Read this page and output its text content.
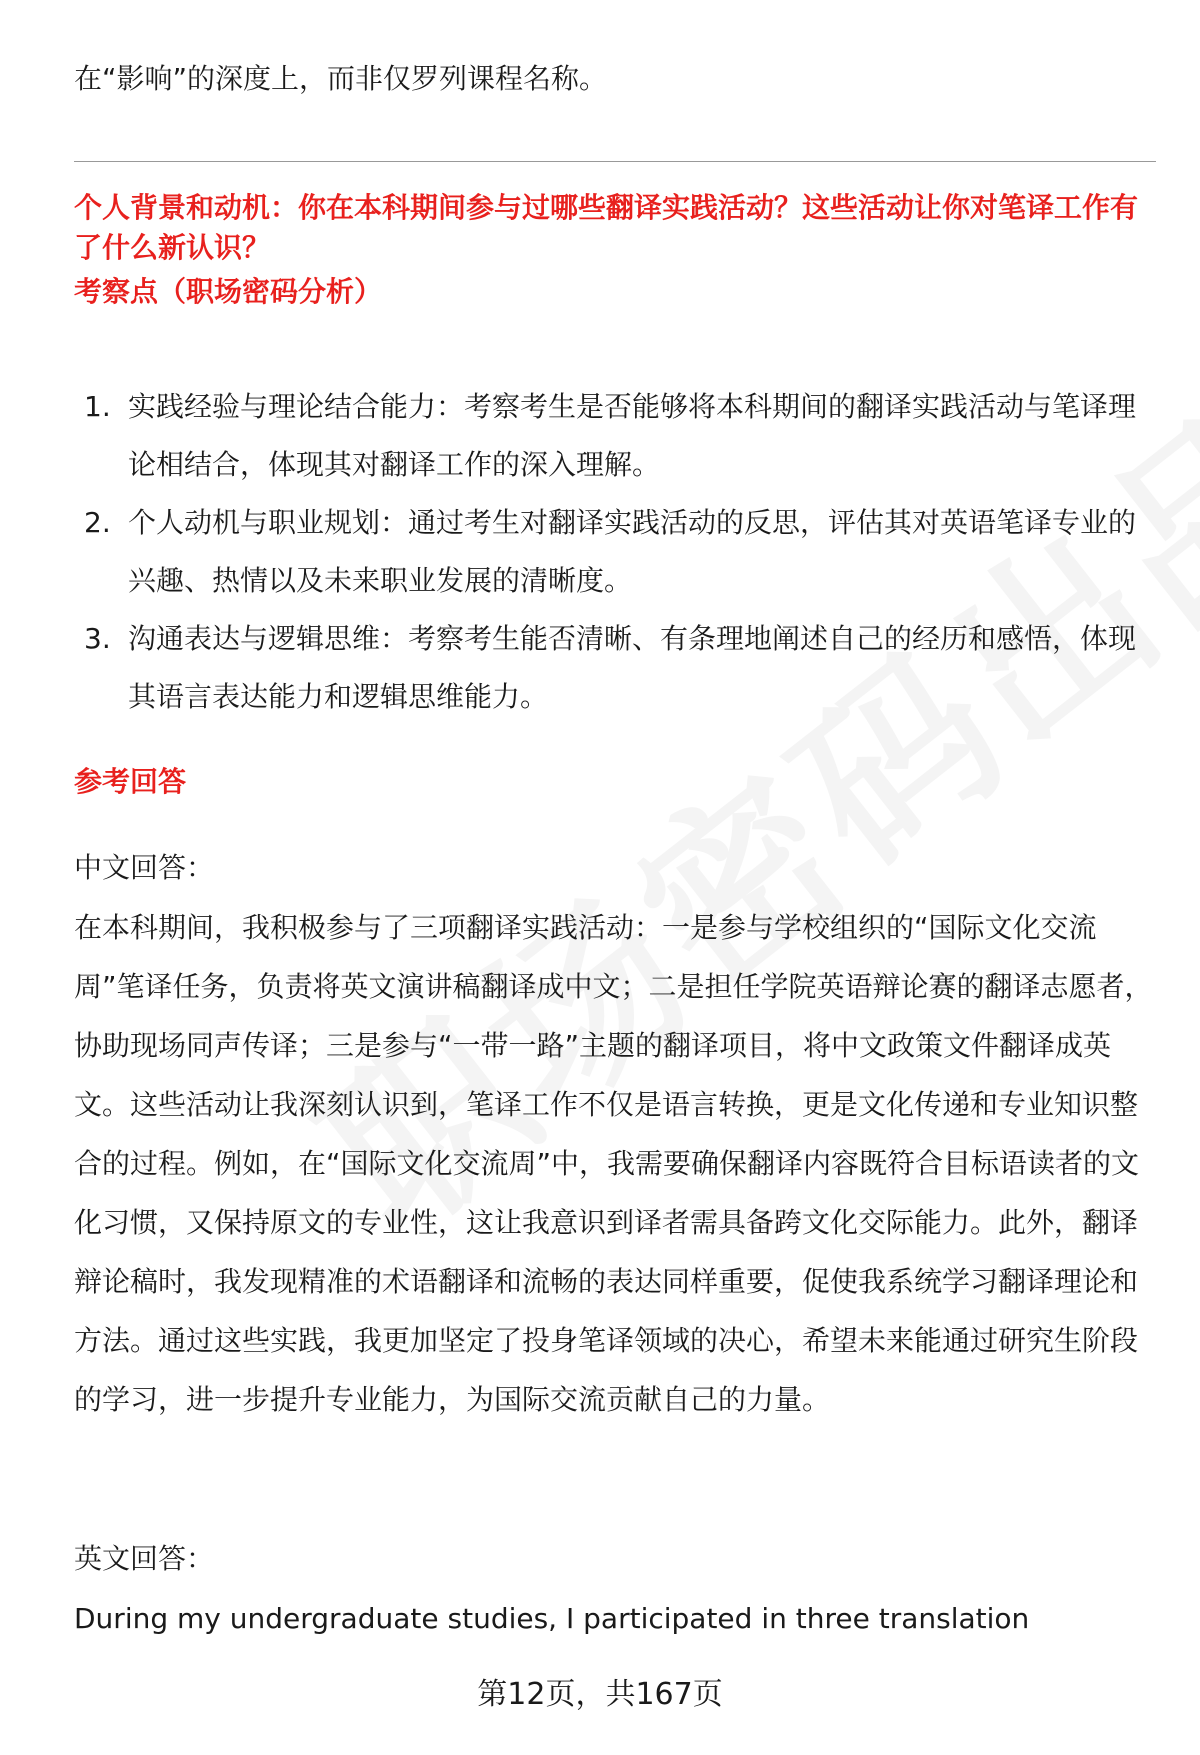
在“影响”的深度上，而非仅罗列课程名称。

个人背景和动机：你在本科期间参与过哪些翻译实践活动？这些活动让你对笔译工作有了什么新认识？

考察点（职场密码分析）

1. 实践经验与理论结合能力：考察考生是否能够将本科期间的翻译实践活动与笔译理论相结合，体现其对翻译工作的深入理解。
2. 个人动机与职业规划：通过考生对翻译实践活动的反思，评估其对英语笔译专业的兴趣、热情以及未来职业发展的清晰度。
3. 沟通表达与逻辑思维：考察考生能否清晰、有条理地阐述自己的经历和感悟，体现其语言表达能力和逻辑思维能力。

参考回答

中文回答：

在本科期间，我积极参与了三项翻译实践活动：一是参与学校组织的“国际文化交流周”笔译任务，负责将英文演讲稿翻译成中文；二是担任学院英语辩论赛的翻译志愿者，协助现场同声传译；三是参与“一带一路”主题的翻译项目，将中文政策文件翻译成英文。这些活动让我深刻认识到，笔译工作不仅是语言转换，更是文化传递和专业知识整合的过程。例如，在“国际文化交流周”中，我需要确保翻译内容既符合目标语读者的文化习惯，又保持原文的专业性，这让我意识到译者需具备跨文化交际能力。此外，翻译辩论稿时，我发现精准的术语翻译和流畅的表达同样重要，促使我系统学习翻译理论和方法。通过这些实践，我更加坚定了投身笔译领域的决心，希望未来能通过研究生阶段的学习，进一步提升专业能力，为国际交流贡献自己的力量。

英文回答：

During my undergraduate studies, I participated in three translation

第12页，共167页
